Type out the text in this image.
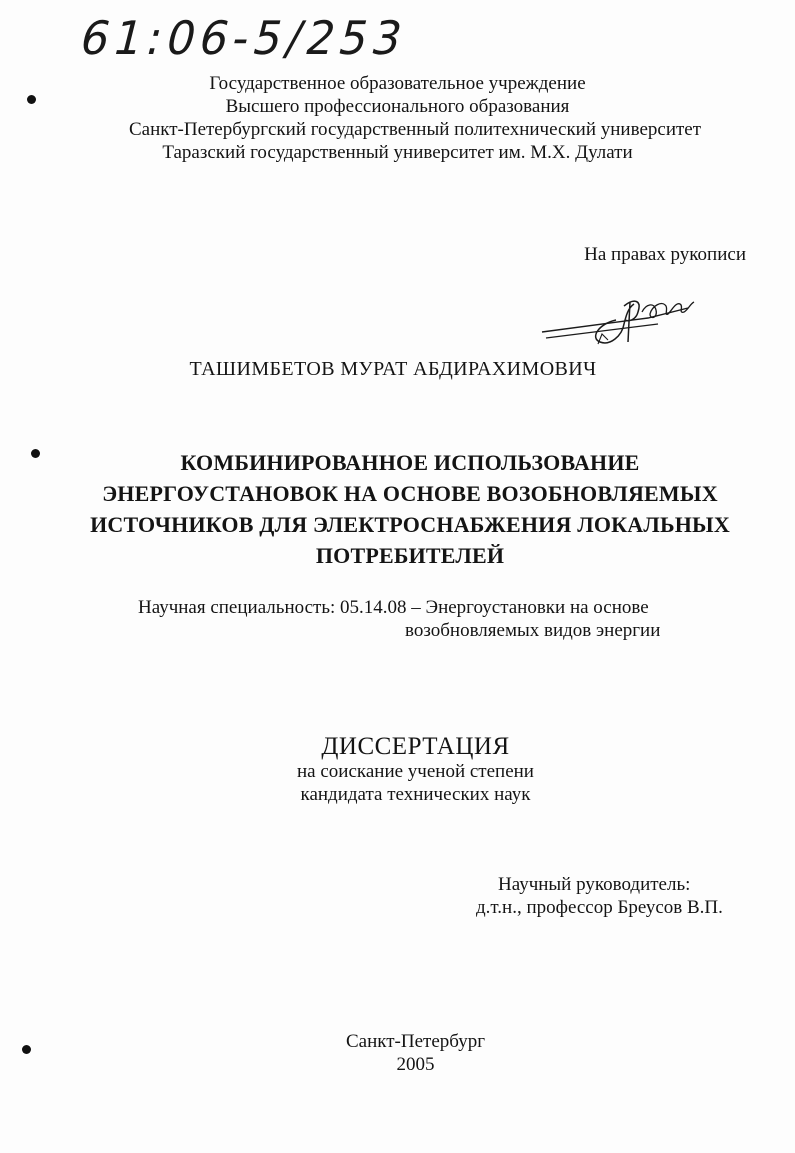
61:06-5/253
Государственное образовательное учреждение
Высшего профессионального образования
Санкт-Петербургский государственный политехнический университет
Таразский государственный университет им. М.Х. Дулати
На правах рукописи
ТАШИМБЕТОВ МУРАТ АБДИРАХИМОВИЧ
КОМБИНИРОВАННОЕ ИСПОЛЬЗОВАНИЕ
ЭНЕРГОУСТАНОВОК НА ОСНОВЕ ВОЗОБНОВЛЯЕМЫХ
ИСТОЧНИКОВ ДЛЯ ЭЛЕКТРОСНАБЖЕНИЯ ЛОКАЛЬНЫХ
ПОТРЕБИТЕЛЕЙ
Научная специальность: 05.14.08 – Энергоустановки на основе
возобновляемых видов энергии
ДИССЕРТАЦИЯ
на соискание ученой степени
кандидата технических наук
Научный руководитель:
д.т.н., профессор Бреусов В.П.
Санкт-Петербург
2005
